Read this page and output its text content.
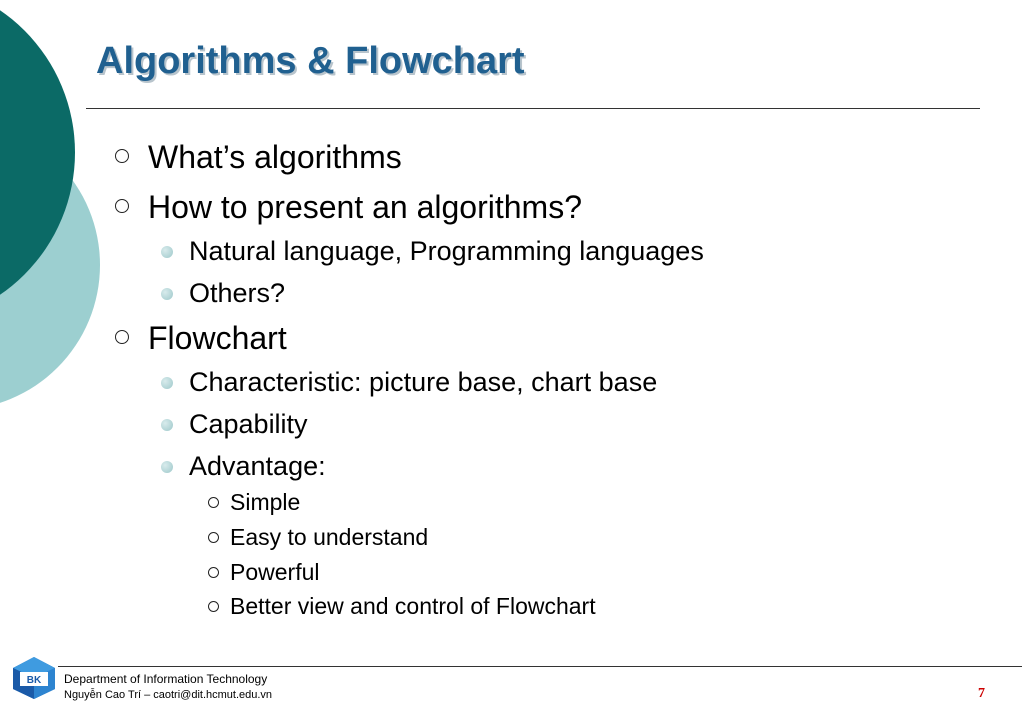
Algorithms & Flowchart
What’s algorithms
How to present an algorithms?
Natural language, Programming languages
Others?
Flowchart
Characteristic: picture base, chart base
Capability
Advantage:
Simple
Easy to understand
Powerful
Better view and control of Flowchart
BK Department of Information Technology
Nguyễn Cao Trí – caotri@dit.hcmut.edu.vn	7
